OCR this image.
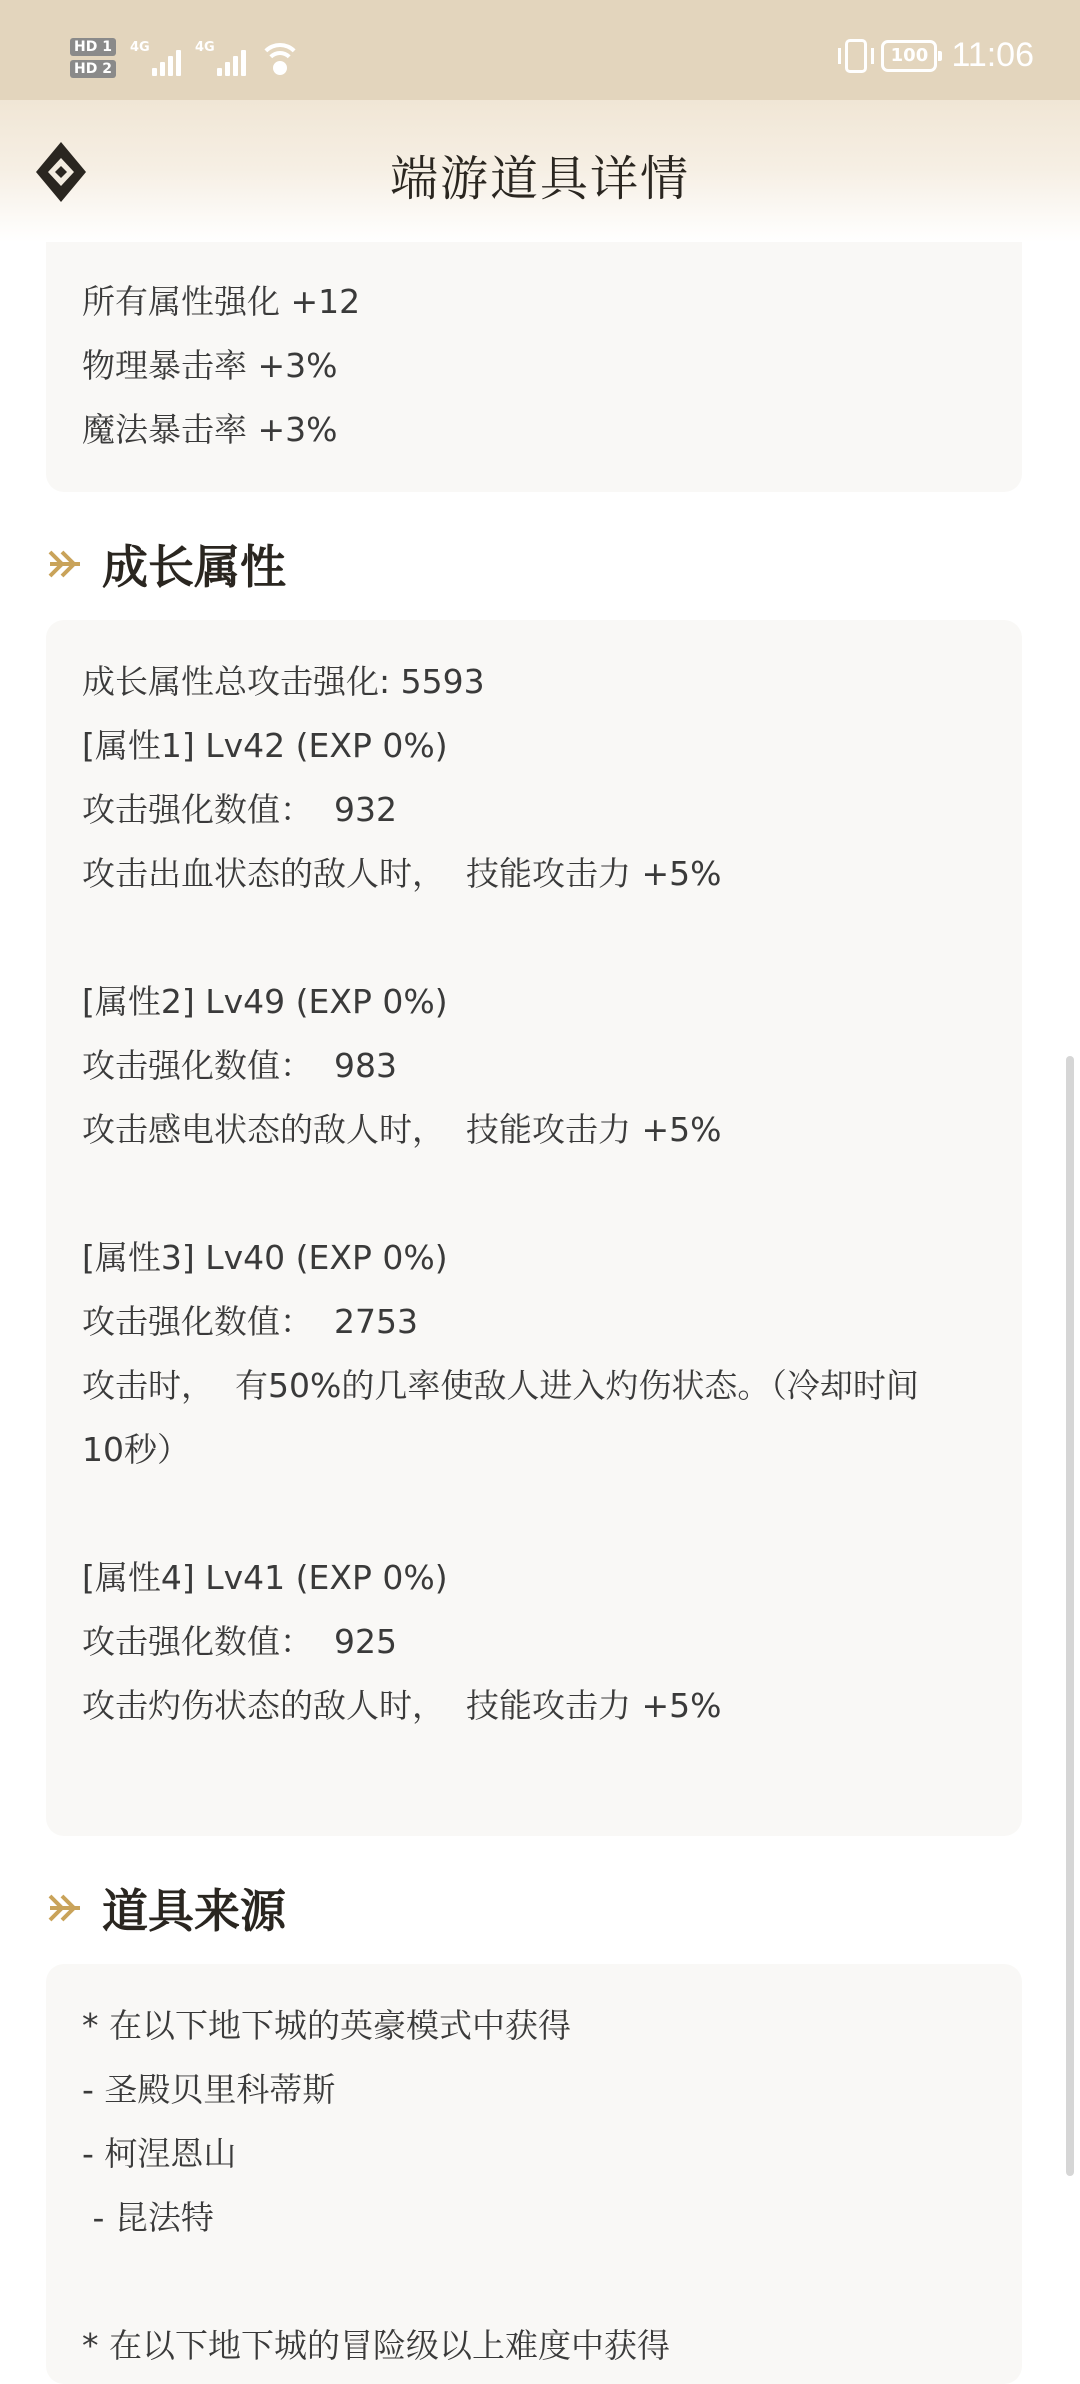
HD 1
HD 2
4G	4G	100 11:06
端游道具详情
所有属性强化 +12
物理暴击率 +3%
魔法暴击率 +3%
成长属性
成长属性总攻击强化: 5593
[属性1] Lv42 (EXP 0%)
攻击强化数值：  932
攻击出血状态的敌人时，  技能攻击力 +5%

[属性2] Lv49 (EXP 0%)
攻击强化数值：  983
攻击感电状态的敌人时，  技能攻击力 +5%

[属性3] Lv40 (EXP 0%)
攻击强化数值：  2753
攻击时，  有50%的几率使敌人进入灼伤状态。（冷却时间
10秒）

[属性4] Lv41 (EXP 0%)
攻击强化数值：  925
攻击灼伤状态的敌人时，  技能攻击力 +5%
道具来源
* 在以下地下城的英豪模式中获得
- 圣殿贝里科蒂斯
- 柯涅恩山
- 昆法特

* 在以下地下城的冒险级以上难度中获得
